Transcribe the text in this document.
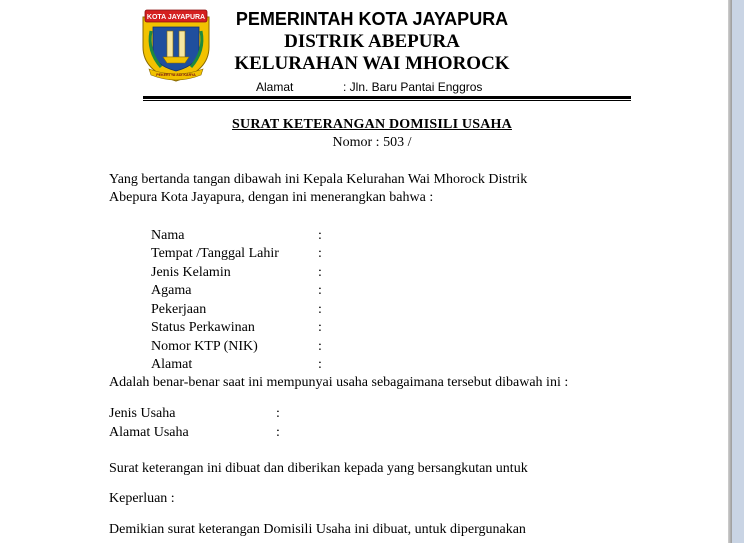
KOTA JAYAPURA
PEKERTYA ADI KARYA
PEMERINTAH KOTA JAYAPURA
DISTRIK ABEPURA
KELURAHAN WAI MHOROCK
Alamat	: Jln. Baru Pantai Enggros
SURAT KETERANGAN DOMISILI USAHA
Nomor : 503 /
Yang bertanda tangan dibawah ini Kepala Kelurahan Wai Mhorock Distrik
Abepura Kota Jayapura, dengan ini menerangkan bahwa :
Nama	:
Tempat /Tanggal Lahir	:
Jenis Kelamin	:
Agama	:
Pekerjaan	:
Status Perkawinan	:
Nomor KTP (NIK)	:
Alamat	:
Adalah benar-benar saat ini mempunyai usaha sebagaimana tersebut dibawah ini :
Jenis Usaha	:
Alamat Usaha	:
Surat keterangan ini dibuat dan diberikan kepada yang bersangkutan untuk
Keperluan :
Demikian surat keterangan Domisili Usaha ini dibuat, untuk dipergunakan
